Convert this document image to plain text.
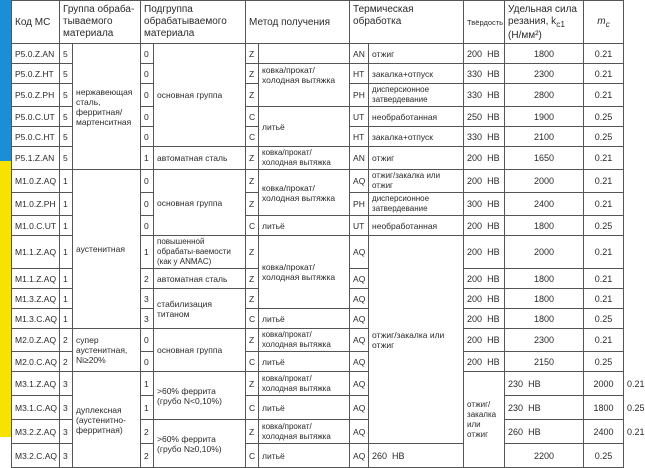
Код МС	Группа обраба-тываемого материала		Подгруппа обрабатываемого материала		Метод получения		Термическая обработка		Твёрдость	Удельная сила резания, $k_{c1}$ (Н/мм²)	$m_c$
P5.0.Z.AN	5	нержавеющая сталь, ферритная/ мартенситная	0	основная группа	Z		AN	отжиг	200  HB	1800	0.21	
P5.0.Z.HT	5		0		Z	ковка/прокат/ холодная вытяжка	HT	закалка+отпуск	330  HB	2300	0.21	
P5.0.Z.PH	5		0		Z		PH	дисперсионное затвердевание	330  HB	2800	0.21	
P5.0.C.UT	5		0		C	литьё	UT	необработанная	250  HB	1900	0.25	
P5.0.C.HT	5		0		C		HT	закалка+отпуск	330  HB	2100	0.25	
P5.1.Z.AN	5		1	автоматная сталь	Z	ковка/прокат/ холодная вытяжка	AN	отжиг	200  HB	1650	0.21	
M1.0.Z.AQ	1	аустенитная	0	основная группа	Z	ковка/прокат/ холодная вытяжка	AQ	отжиг/закалка или отжиг	200  HB	2000	0.21	
M1.0.Z.PH	1		0		Z		PH	дисперсионное затвердевание	300  HB	2400	0.21	
M1.0.C.UT	1		0		C	литьё	UT	необработанная	200  HB	1800	0.25	
M1.1.Z.AQ	1		1	повышенной обрабаты-ваемости (как у ANMAC)	Z	ковка/прокат/ холодная вытяжка	AQ	отжиг/закалка или отжиг	200  HB	2000	0.21	
M1.1.Z.AQ	1		2	автоматная сталь	Z		AQ		200  HB	1800	0.21	
M1.3.Z.AQ	1		3	стабилизация титаном	Z		AQ		200  HB	1800	0.21	
M1.3.C.AQ	1		3		C	литьё	AQ		200  HB	1800	0.25	
M2.0.Z.AQ	2	супер аустенитная, Ni≥20%	0	основная группа	Z	ковка/прокат/ холодная вытяжка	AQ		200  HB	2300	0.21	
M2.0.C.AQ	2		0		C	литьё	AQ		200  HB	2150	0.25	
M3.1.Z.AQ	3	дуплексная (аустенитно-ферритная)	1	>60% феррита (грубо N<0,10%)	Z	ковка/прокат/ холодная вытяжка	AQ		отжиг/закалка или отжиг	230  HB	2000	0.21
M3.1.C.AQ	3		1		C	литьё	AQ			230  HB	1800	0.25
M3.2.Z.AQ	3		2	>60% феррита (грубо N≥0,10%)	Z	ковка/прокат/ холодная вытяжка	AQ			260  HB	2400	0.21
M3.2.C.AQ	3		2		C	литьё	AQ	260  HB		2200	0.25	
